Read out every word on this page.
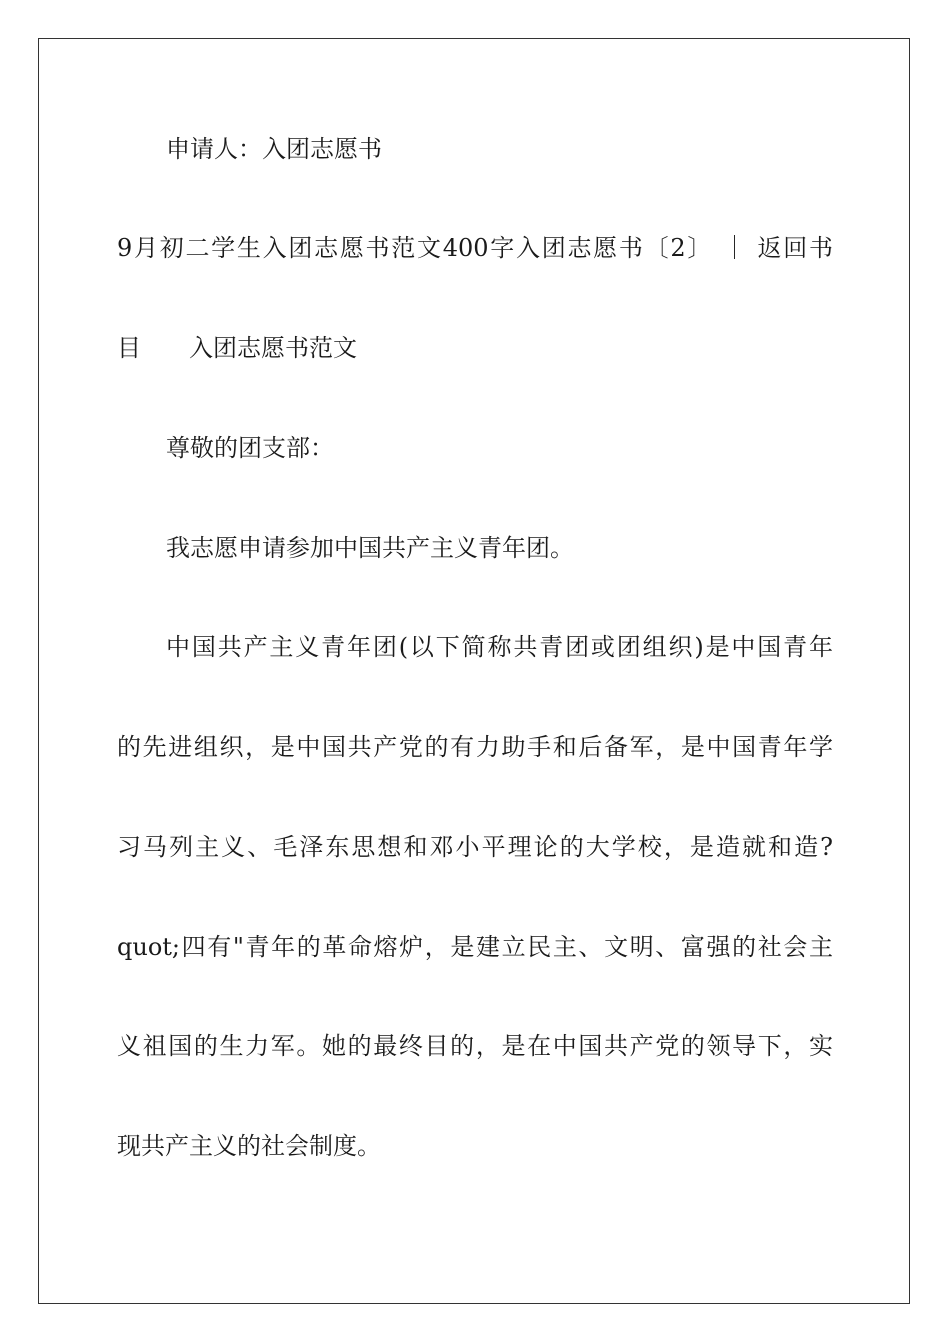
申请人：入团志愿书
9月初二学生入团志愿书范文400字入团志愿书〔2〕 ｜ 返回书
目　　入团志愿书范文
尊敬的团支部：
我志愿申请参加中国共产主义青年团。
中国共产主义青年团(以下简称共青团或团组织)是中国青年
的先进组织，是中国共产党的有力助手和后备军，是中国青年学
习马列主义、毛泽东思想和邓小平理论的大学校，是造就和造?
quot;四有"青年的革命熔炉，是建立民主、文明、富强的社会主
义祖国的生力军。她的最终目的，是在中国共产党的领导下，实
现共产主义的社会制度。
